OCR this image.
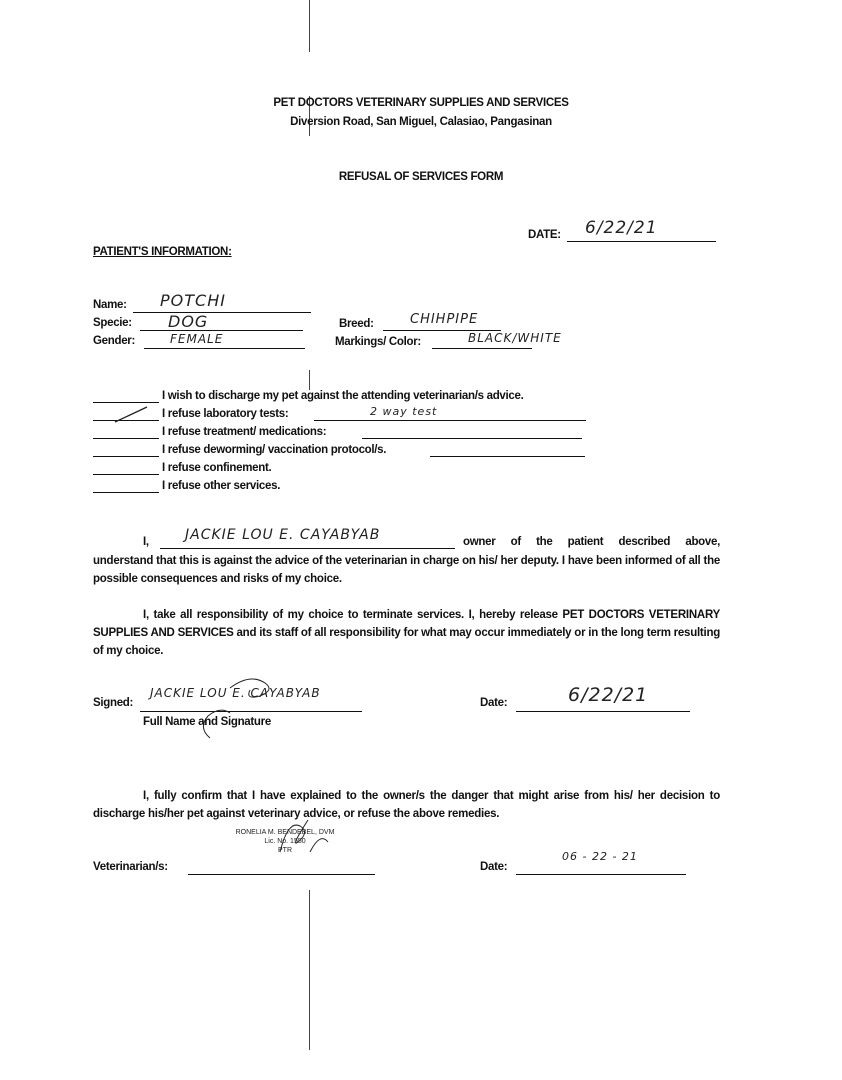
PET DOCTORS VETERINARY SUPPLIES AND SERVICES
Diversion Road, San Miguel, Calasiao, Pangasinan
REFUSAL OF SERVICES FORM
DATE: 6/22/21
PATIENT'S INFORMATION:
Name: POTCHI
Specie: DOG
Gender:	FEMALE
Breed:	CHIHPIPE
Markings/ Color:	BLACK/WHITE
I wish to discharge my pet against the attending veterinarian/s advice.
I refuse laboratory tests:	2 way test
I refuse treatment/ medications:
I refuse deworming/ vaccination protocol/s.
I refuse confinement.
I refuse other services.
I,	JACKIE LOU E. CAYABYAB	owner of the patient described above,
understand that this is against the advice of the veterinarian in charge on his/ her deputy. I have been informed of all the possible consequences and risks of my choice.
I, take all responsibility of my choice to terminate services. I, hereby release PET DOCTORS VETERINARY SUPPLIES AND SERVICES and its staff of all responsibility for what may occur immediately or in the long term resulting of my choice.
Signed:
JACKIE LOU E. CAYABYAB
Full Name and Signature
Date:	6/22/21
I, fully confirm that I have explained to the owner/s the danger that might arise from his/ her decision to discharge his/her pet against veterinary advice, or refuse the above remedies.
RONELIA M. BENDEBEL, DVM
Lic. No. 1550
PTR
Veterinarian/s:	Date:
06 - 22 - 21
